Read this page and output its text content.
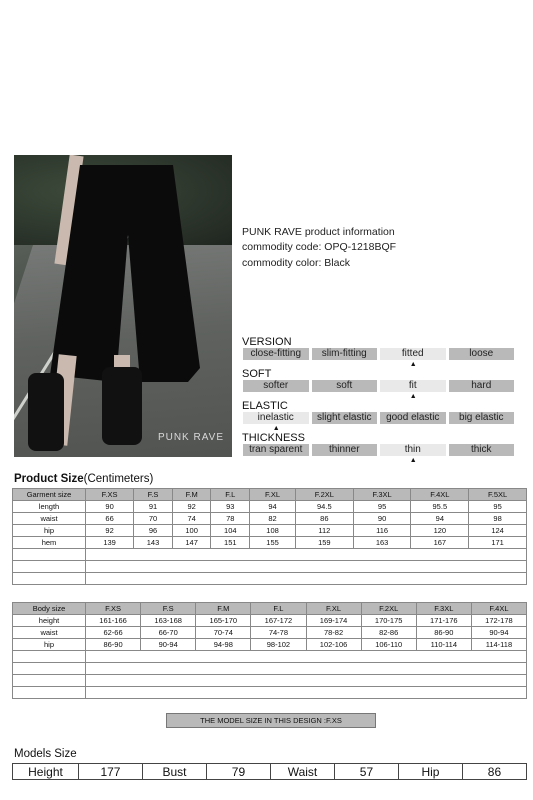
PUNK RAVE
PUNK RAVE product information
commodity code: OPQ-1218BQF
commodity color: Black
VERSION
close-fitting	slim-fitting	fitted	loose
▲
SOFT
softer	soft	fit	hard
▲
ELASTIC
inelastic	slight elastic	good elastic	big elastic
▲
THICKNESS
tran sparent	thinner	thin	thick
▲
Product Size(Centimeters)
Garment size	F.XS	F.S	F.M	F.L	F.XL	F.2XL	F.3XL	F.4XL	F.5XL
length	90	91	92	93	94	94.5	95	95.5	95
waist	66	70	74	78	82	86	90	94	98
hip	92	96	100	104	108	112	116	120	124
hem	139	143	147	151	155	159	163	167	171

Body size	F.XS	F.S	F.M	F.L	F.XL	F.2XL	F.3XL	F.4XL
height	161-166	163-168	165-170	167-172	169-174	170-175	171-176	172-178
waist	62-66	66-70	70-74	74-78	78-82	82-86	86-90	90-94
hip	86-90	90-94	94-98	98-102	102-106	106-110	110-114	114-118

THE MODEL SIZE IN THIS DESIGN :F.XS
Models Size
Height	177	Bust	79	Waist	57	Hip	86
